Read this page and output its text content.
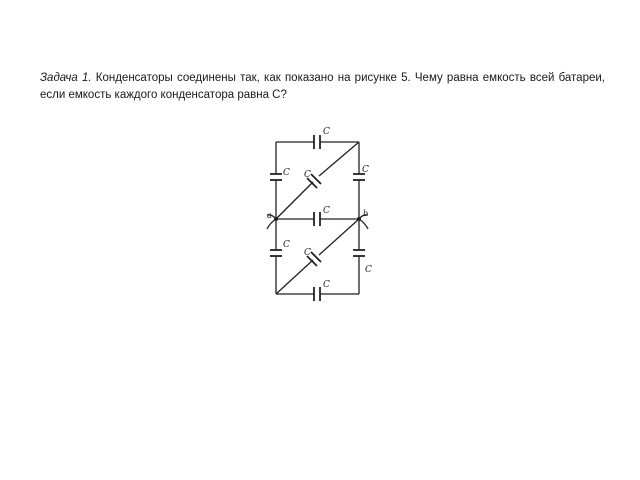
Задача 1. Конденсаторы соединены так, как показано на рисунке 5. Чему равна емкость всей батареи, если емкость каждого конденсатора равна С?
C
C	C
C
C
C
C
C
C
a	b
